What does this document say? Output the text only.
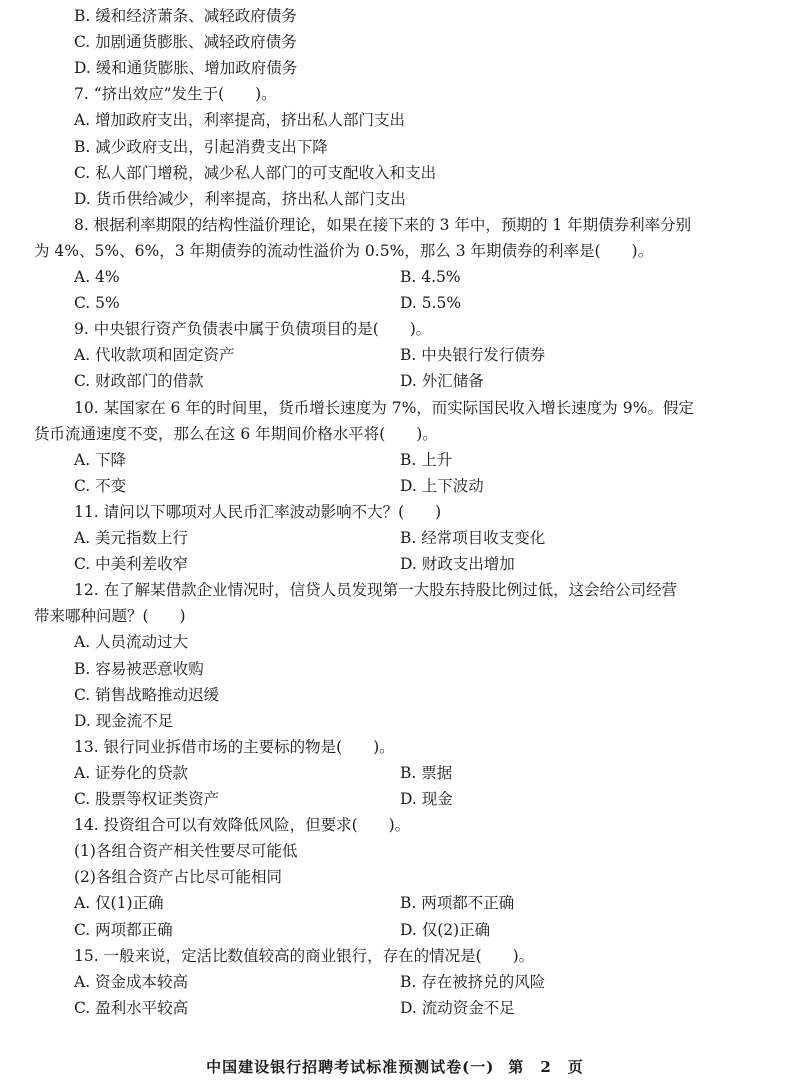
B. 缓和经济萧条、减轻政府债务
C. 加剧通货膨胀、减轻政府债务
D. 缓和通货膨胀、增加政府债务
7. “挤出效应”发生于(　　)。
A. 增加政府支出，利率提高，挤出私人部门支出
B. 减少政府支出，引起消费支出下降
C. 私人部门增税，减少私人部门的可支配收入和支出
D. 货币供给减少，利率提高，挤出私人部门支出
8. 根据利率期限的结构性溢价理论，如果在接下来的 3 年中，预期的 1 年期债券利率分别
为 4%、5%、6%，3 年期债券的流动性溢价为 0.5%，那么 3 年期债券的利率是(　　)。
A. 4%	B. 4.5%
C. 5%	D. 5.5%
9. 中央银行资产负债表中属于负债项目的是(　　)。
A. 代收款项和固定资产	B. 中央银行发行债券
C. 财政部门的借款	D. 外汇储备
10. 某国家在 6 年的时间里，货币增长速度为 7%，而实际国民收入增长速度为 9%。假定
货币流通速度不变，那么在这 6 年期间价格水平将(　　)。
A. 下降	B. 上升
C. 不变	D. 上下波动
11. 请问以下哪项对人民币汇率波动影响不大？(　　)
A. 美元指数上行	B. 经常项目收支变化
C. 中美利差收窄	D. 财政支出增加
12. 在了解某借款企业情况时，信贷人员发现第一大股东持股比例过低，这会给公司经营
带来哪种问题？(　　)
A. 人员流动过大
B. 容易被恶意收购
C. 销售战略推动迟缓
D. 现金流不足
13. 银行同业拆借市场的主要标的物是(　　)。
A. 证券化的贷款	B. 票据
C. 股票等权证类资产	D. 现金
14. 投资组合可以有效降低风险，但要求(　　)。
(1)各组合资产相关性要尽可能低
(2)各组合资产占比尽可能相同
A. 仅(1)正确	B. 两项都不正确
C. 两项都正确	D. 仅(2)正确
15. 一般来说，定活比数值较高的商业银行，存在的情况是(　　)。
A. 资金成本较高	B. 存在被挤兑的风险
C. 盈利水平较高	D. 流动资金不足
中国建设银行招聘考试标准预测试卷(一) 第　2　页
